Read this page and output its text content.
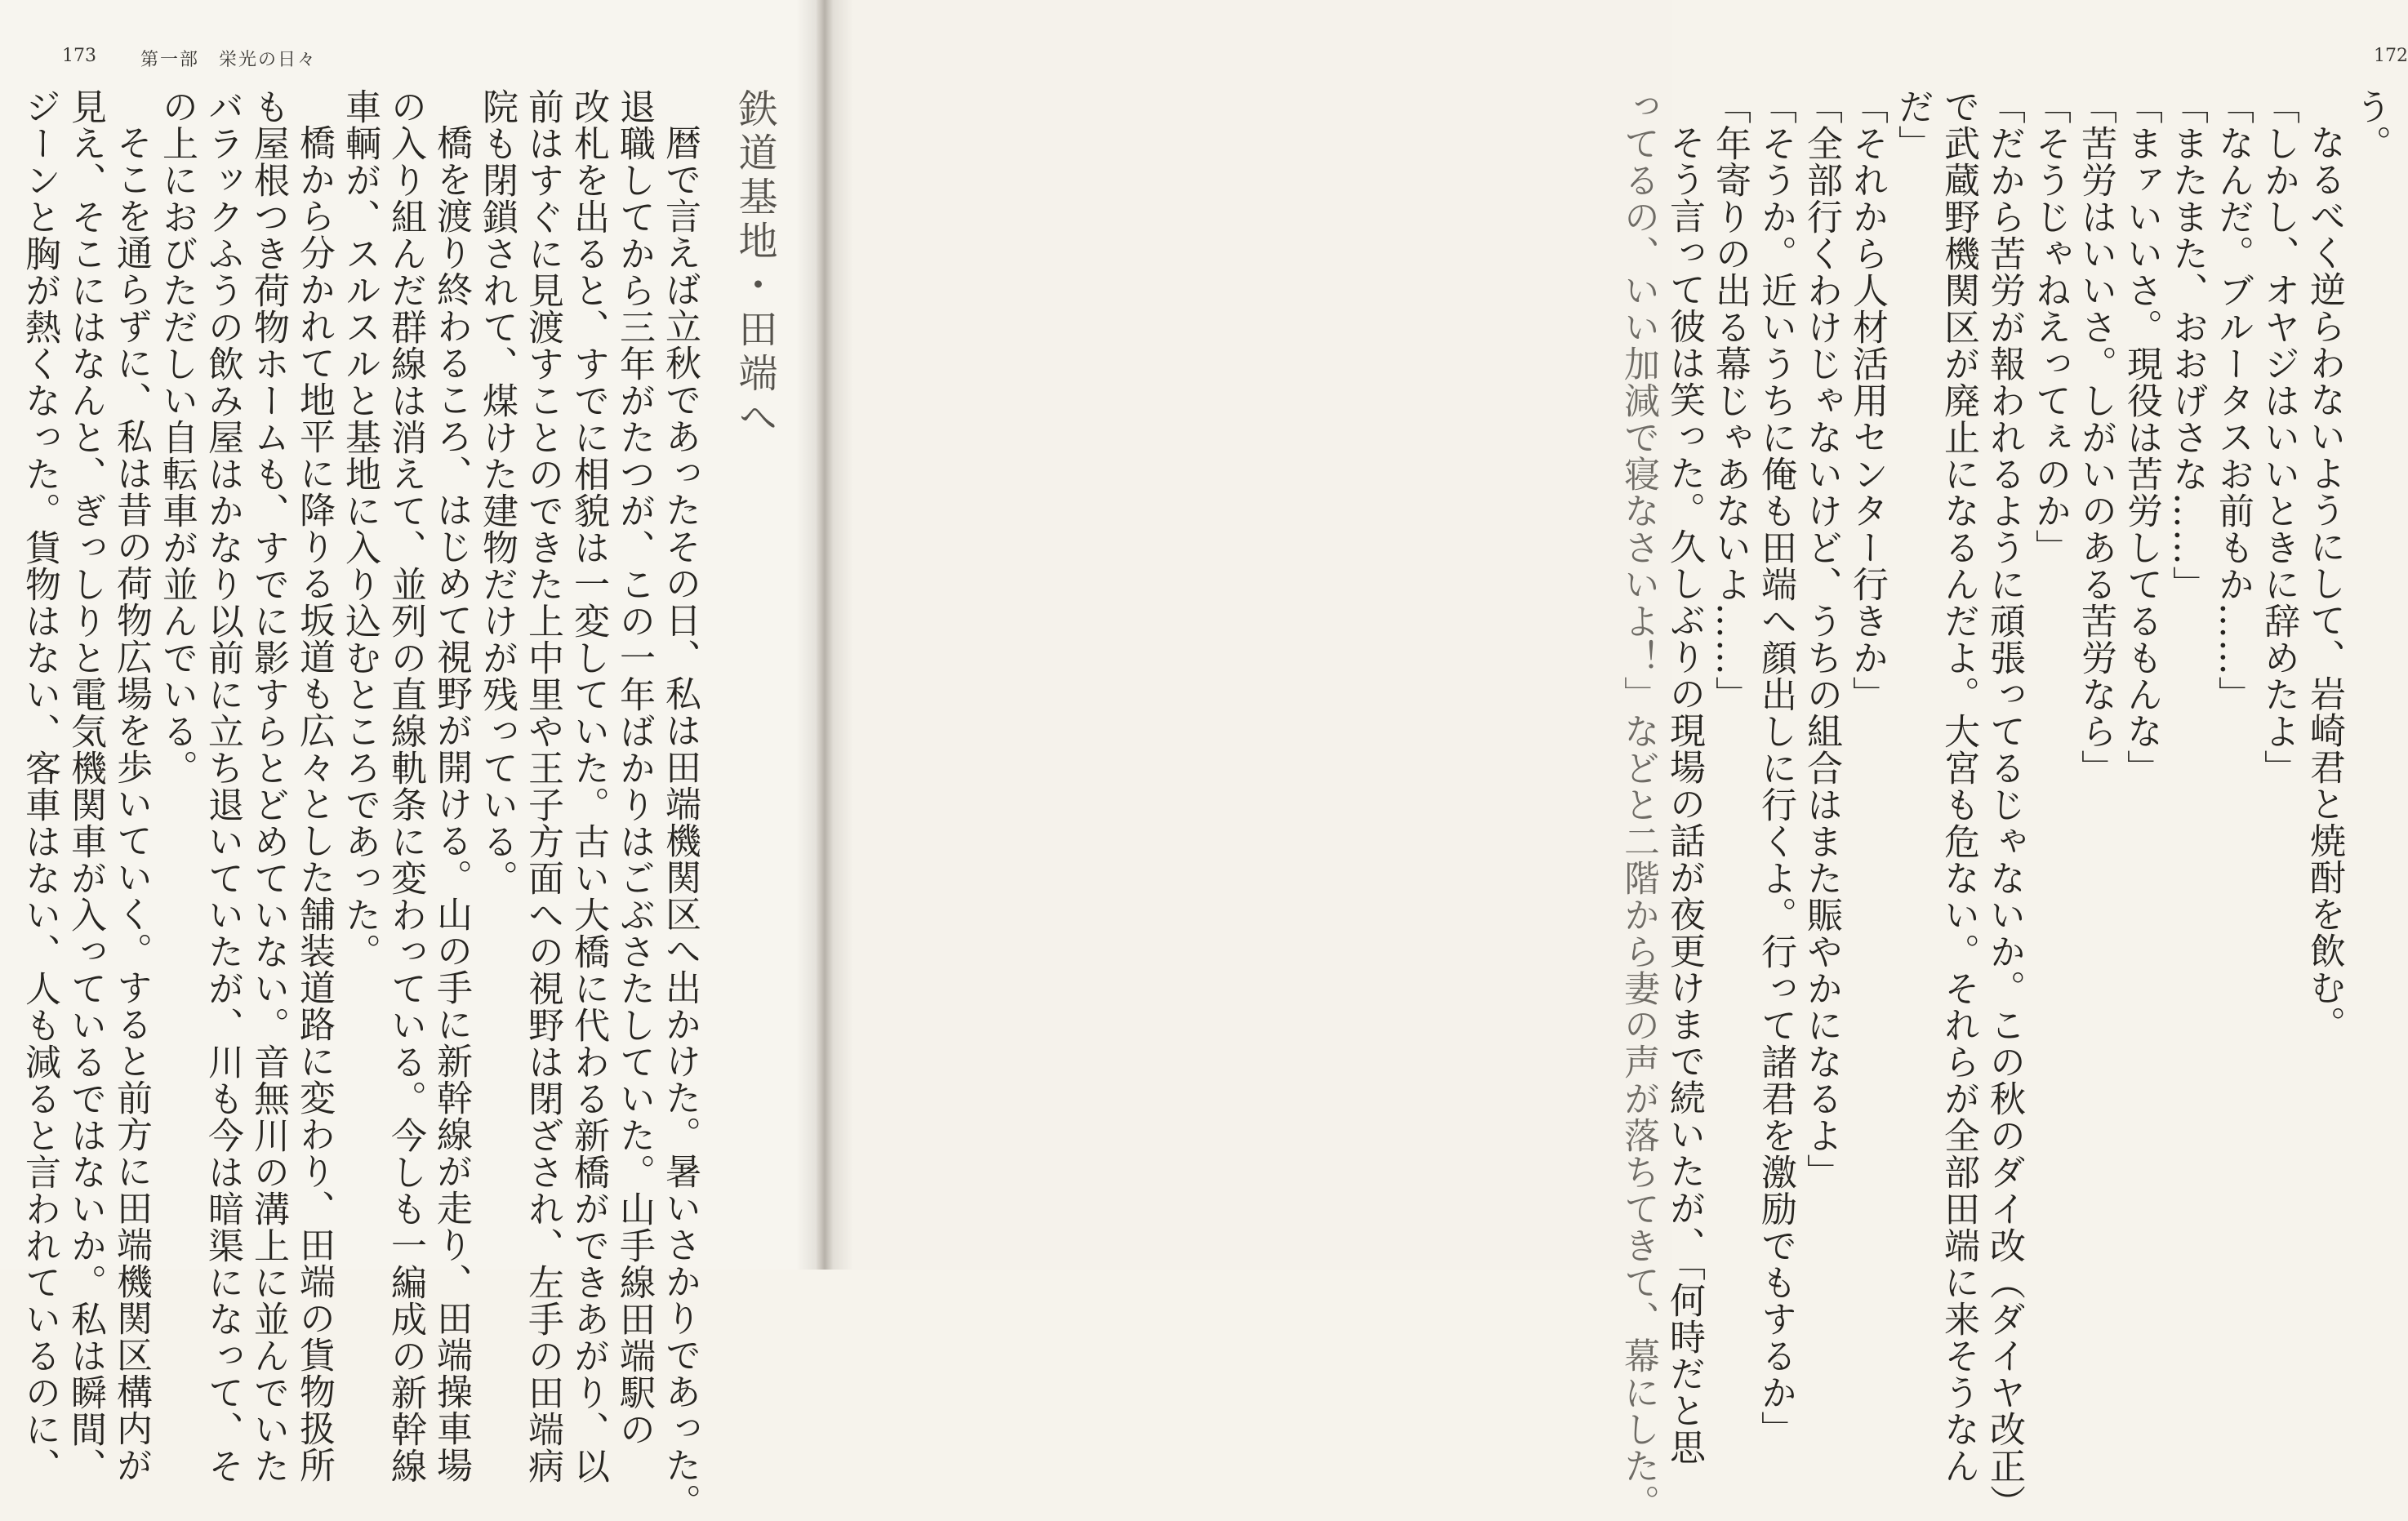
172
う。
なるべく逆らわないようにして、岩崎君と焼酎を飲む。
「しかし、オヤジはいいときに辞めたよ」
「なんだ。ブルータスお前もか……」
「またまた、おおげさな……」
「まァいいさ。現役は苦労してるもんな」
「苦労はいいさ。しがいのある苦労なら」
「そうじゃねえってぇのか」
「だから苦労が報われるように頑張ってるじゃないか。この秋のダイ改（ダイヤ改正）
で武蔵野機関区が廃止になるんだよ。大宮も危ない。それらが全部田端に来そうなん
だ」
「それから人材活用センター行きか」
「全部行くわけじゃないけど、うちの組合はまた賑やかになるよ」
「そうか。近いうちに俺も田端へ顔出しに行くよ。行って諸君を激励でもするか」
「年寄りの出る幕じゃあないよ……」
そう言って彼は笑った。久しぶりの現場の話が夜更けまで続いたが、「何時だと思
ってるの、いい加減で寝なさいよ！」などと二階から妻の声が落ちてきて、幕にした。
173 第一部　栄光の日々
鉄道基地・田端へ
暦で言えば立秋であったその日、私は田端機関区へ出かけた。暑いさかりであった。
退職してから三年がたつが、この一年ばかりはごぶさたしていた。山手線田端駅の
改札を出ると、すでに相貌は一変していた。古い大橋に代わる新橋ができあがり、以
前はすぐに見渡すことのできた上中里や王子方面への視野は閉ざされ、左手の田端病
院も閉鎖されて、煤けた建物だけが残っている。
橋を渡り終わるころ、はじめて視野が開ける。山の手に新幹線が走り、田端操車場
の入り組んだ群線は消えて、並列の直線軌条に変わっている。今しも一編成の新幹線
車輌が、スルスルと基地に入り込むところであった。
橋から分かれて地平に降りる坂道も広々とした舗装道路に変わり、田端の貨物扱所
も屋根つき荷物ホームも、すでに影すらとどめていない。音無川の溝上に並んでいた
バラックふうの飲み屋はかなり以前に立ち退いていたが、川も今は暗渠になって、そ
の上におびただしい自転車が並んでいる。
そこを通らずに、私は昔の荷物広場を歩いていく。すると前方に田端機関区構内が
見え、そこにはなんと、ぎっしりと電気機関車が入っているではないか。私は瞬間、
ジーンと胸が熱くなった。貨物はない、客車はない、人も減ると言われているのに、
